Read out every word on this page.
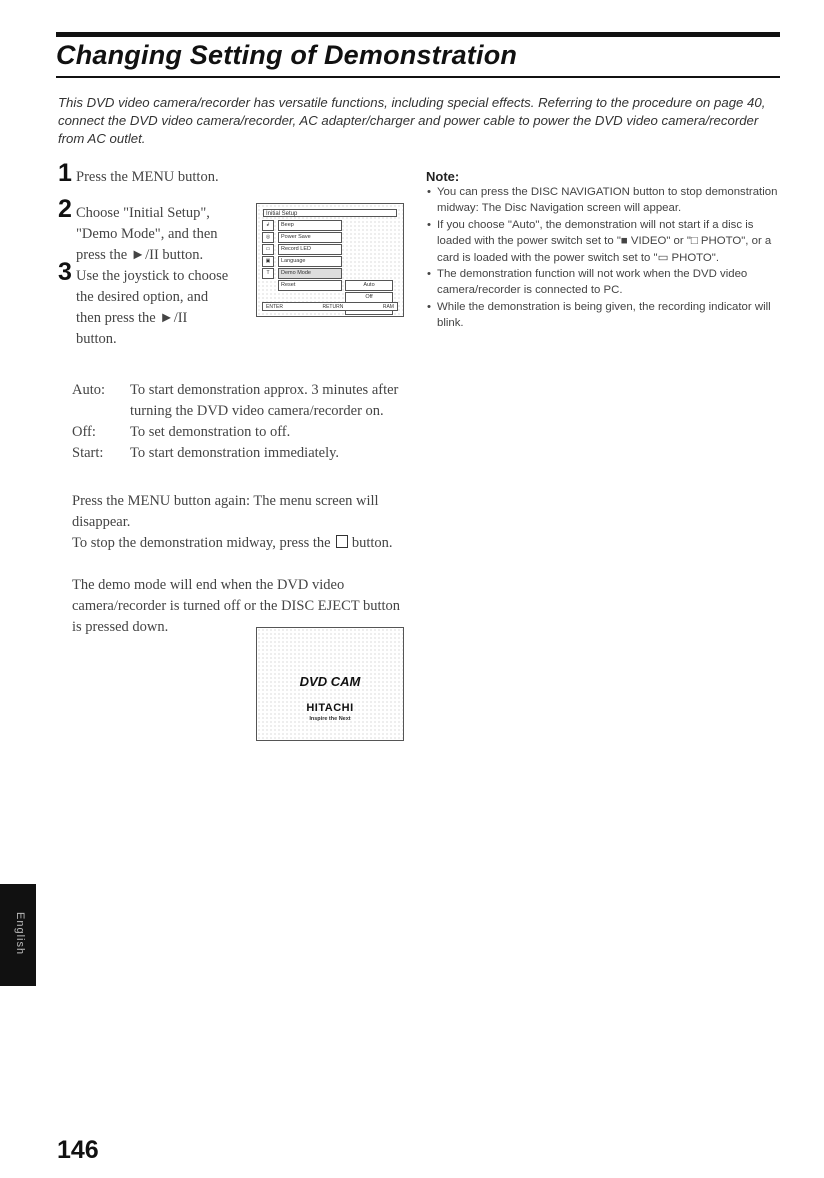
Changing Setting of Demonstration

This DVD video camera/recorder has versatile functions, including special effects. Referring to the procedure on page 40, connect the DVD video camera/recorder, AC adapter/charger and power cable to power the DVD video camera/recorder from AC outlet.

1 Press the MENU button.
2 Choose "Initial Setup",
"Demo Mode", and then
press the ►/II button.
3 Use the joystick to choose
the desired option, and
then press the ►/II
button.
Initial Setup
↲
◎
▭
▣
T
Beep
Power Save
Record LED
Language
Demo Mode
Reset	Auto
Off
ENTER	RETURN	RAM
Auto:	To start demonstration approx. 3 minutes after turning the DVD video camera/recorder on.
Off:	To set demonstration to off.
Start:	To start demonstration immediately.

Press the MENU button again: The menu screen will disappear.

To stop the demonstration midway, press the button.

The demo mode will end when the DVD video camera/recorder is turned off or the DISC EJECT button is pressed down.

DVD CAM
HITACHI
Inspire the Next
Note:
• You can press the DISC NAVIGATION button to stop demonstration midway: The Disc Navigation screen will appear.
• If you choose "Auto", the demonstration will not start if a disc is loaded with the power switch set to "■ VIDEO" or "□ PHOTO", or a card is loaded with the power switch set to "▭ PHOTO".
• The demonstration function will not work when the DVD video camera/recorder is connected to PC.
• While the demonstration is being given, the recording indicator will blink.
English
146
